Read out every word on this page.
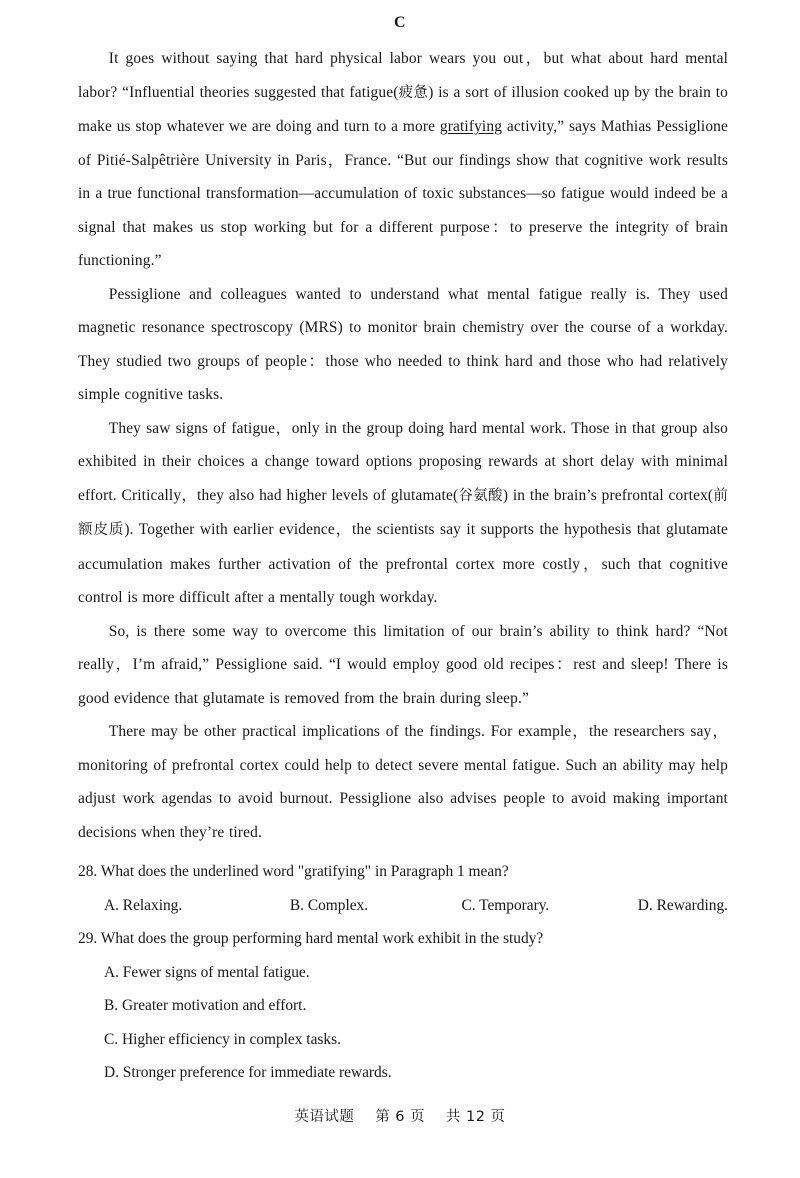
C

It goes without saying that hard physical labor wears you out，but what about hard mental labor? “Influential theories suggested that fatigue(疲惫) is a sort of illusion cooked up by the brain to make us stop whatever we are doing and turn to a more gratifying activity,” says Mathias Pessiglione of Pitié-Salpêtrière University in Paris，France. “But our findings show that cognitive work results in a true functional transformation—accumulation of toxic substances—so fatigue would indeed be a signal that makes us stop working but for a different purpose：to preserve the integrity of brain functioning.”

Pessiglione and colleagues wanted to understand what mental fatigue really is. They used magnetic resonance spectroscopy (MRS) to monitor brain chemistry over the course of a workday. They studied two groups of people：those who needed to think hard and those who had relatively simple cognitive tasks.

They saw signs of fatigue，only in the group doing hard mental work. Those in that group also exhibited in their choices a change toward options proposing rewards at short delay with minimal effort. Critically，they also had higher levels of glutamate(谷氨酸) in the brain’s prefrontal cortex(前额皮质). Together with earlier evidence，the scientists say it supports the hypothesis that glutamate accumulation makes further activation of the prefrontal cortex more costly，such that cognitive control is more difficult after a mentally tough workday.

So, is there some way to overcome this limitation of our brain’s ability to think hard? “Not really，I’m afraid,” Pessiglione said. “I would employ good old recipes：rest and sleep! There is good evidence that glutamate is removed from the brain during sleep.”

There may be other practical implications of the findings. For example，the researchers say，monitoring of prefrontal cortex could help to detect severe mental fatigue. Such an ability may help adjust work agendas to avoid burnout. Pessiglione also advises people to avoid making important decisions when they’re tired.

28. What does the underlined word "gratifying" in Paragraph 1 mean?

A. Relaxing.	B. Complex.	C. Temporary.	D. Rewarding.

29. What does the group performing hard mental work exhibit in the study?

A. Fewer signs of mental fatigue.

B. Greater motivation and effort.

C. Higher efficiency in complex tasks.

D. Stronger preference for immediate rewards.

英语试题 第 6 页 共 12 页
